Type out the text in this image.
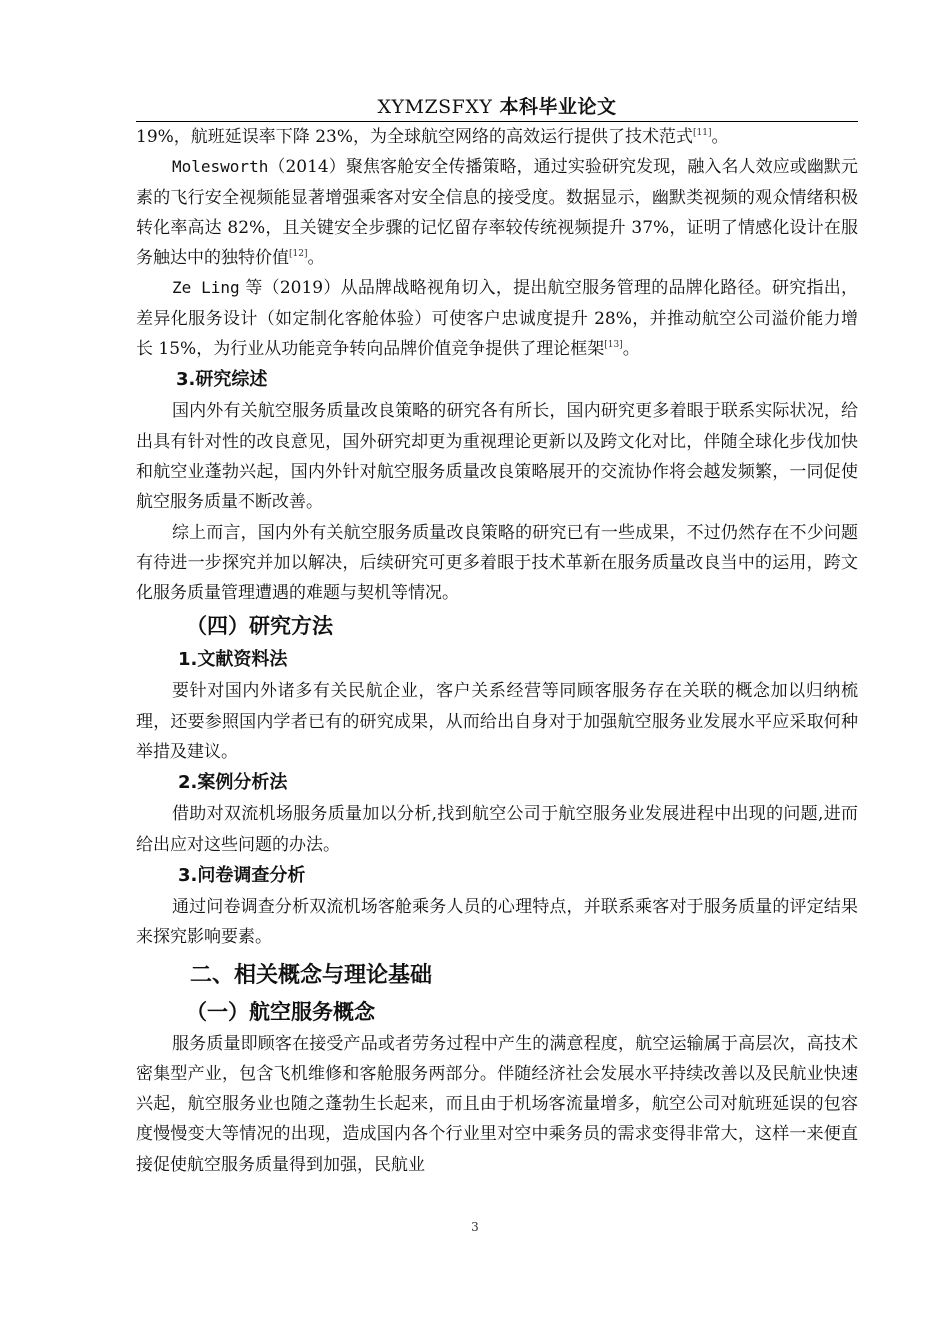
XYMZSFXY 本科毕业论文

19%，航班延误率下降 23%，为全球航空网络的高效运行提供了技术范式[11]。

Molesworth（2014）聚焦客舱安全传播策略，通过实验研究发现，融入名人效应或幽默元素的飞行安全视频能显著增强乘客对安全信息的接受度。数据显示，幽默类视频的观众情绪积极转化率高达 82%，且关键安全步骤的记忆留存率较传统视频提升 37%，证明了情感化设计在服务触达中的独特价值[12]。

Ze Ling 等（2019）从品牌战略视角切入，提出航空服务管理的品牌化路径。研究指出，差异化服务设计（如定制化客舱体验）可使客户忠诚度提升 28%，并推动航空公司溢价能力增长 15%，为行业从功能竞争转向品牌价值竞争提供了理论框架[13]。

3.研究综述

国内外有关航空服务质量改良策略的研究各有所长，国内研究更多着眼于联系实际状况，给出具有针对性的改良意见，国外研究却更为重视理论更新以及跨文化对比，伴随全球化步伐加快和航空业蓬勃兴起，国内外针对航空服务质量改良策略展开的交流协作将会越发频繁，一同促使航空服务质量不断改善。

综上而言，国内外有关航空服务质量改良策略的研究已有一些成果，不过仍然存在不少问题有待进一步探究并加以解决，后续研究可更多着眼于技术革新在服务质量改良当中的运用，跨文化服务质量管理遭遇的难题与契机等情况。

（四）研究方法
1.文献资料法

要针对国内外诸多有关民航企业，客户关系经营等同顾客服务存在关联的概念加以归纳梳理，还要参照国内学者已有的研究成果，从而给出自身对于加强航空服务业发展水平应采取何种举措及建议。

2.案例分析法

借助对双流机场服务质量加以分析,找到航空公司于航空服务业发展进程中出现的问题,进而给出应对这些问题的办法。

3.问卷调查分析

通过问卷调查分析双流机场客舱乘务人员的心理特点，并联系乘客对于服务质量的评定结果来探究影响要素。

二、相关概念与理论基础
（一）航空服务概念

服务质量即顾客在接受产品或者劳务过程中产生的满意程度，航空运输属于高层次，高技术密集型产业，包含飞机维修和客舱服务两部分。伴随经济社会发展水平持续改善以及民航业快速兴起，航空服务业也随之蓬勃生长起来，而且由于机场客流量增多，航空公司对航班延误的包容度慢慢变大等情况的出现，造成国内各个行业里对空中乘务员的需求变得非常大，这样一来便直接促使航空服务质量得到加强，民航业

3
